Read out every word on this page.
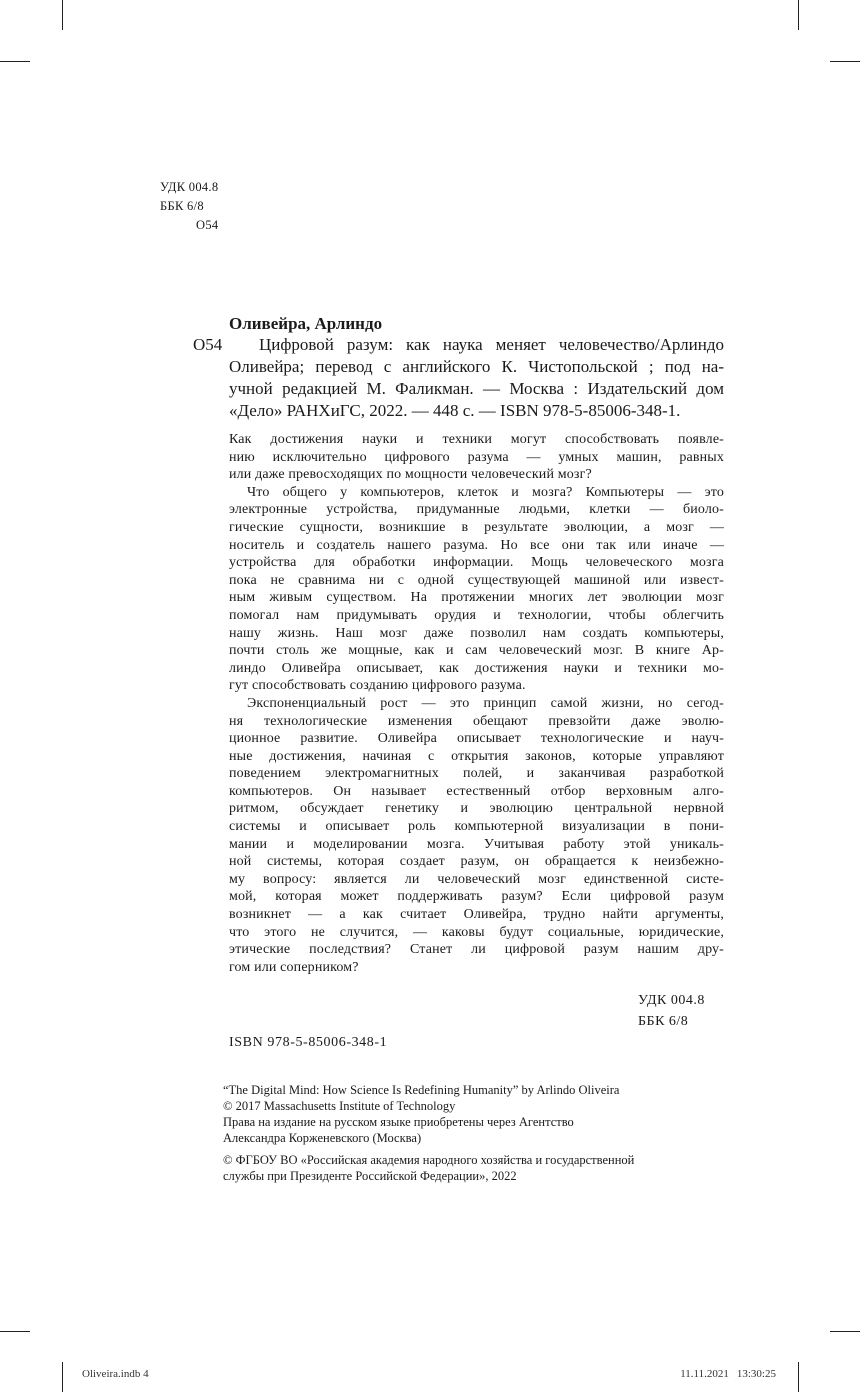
УДК 004.8
ББК 6/8
О54
Оливейра, Арлиндо
О54	Цифровой разум: как наука меняет человечество/Арлиндо
Оливейра; перевод с английского К. Чистопольской ; под на-
учной редакцией М. Фаликман. — Москва : Издательский дом
«Дело» РАНХиГС, 2022. — 448 с. — ISBN 978-5-85006-348-1.
Как достижения науки и техники могут способствовать появле-
нию исключительно цифрового разума — умных машин, равных
или даже превосходящих по мощности человеческий мозг?
Что общего у компьютеров, клеток и мозга? Компьютеры — это
электронные устройства, придуманные людьми, клетки — биоло-
гические сущности, возникшие в результате эволюции, а мозг —
носитель и создатель нашего разума. Но все они так или иначе —
устройства для обработки информации. Мощь человеческого мозга
пока не сравнима ни с одной существующей машиной или извест-
ным живым существом. На протяжении многих лет эволюции мозг
помогал нам придумывать орудия и технологии, чтобы облегчить
нашу жизнь. Наш мозг даже позволил нам создать компьютеры,
почти столь же мощные, как и сам человеческий мозг. В книге Ар-
линдо Оливейра описывает, как достижения науки и техники мо-
гут способствовать созданию цифрового разума.
Экспоненциальный рост — это принцип самой жизни, но сегод-
ня технологические изменения обещают превзойти даже эволю-
ционное развитие. Оливейра описывает технологические и науч-
ные достижения, начиная с открытия законов, которые управляют
поведением электромагнитных полей, и заканчивая разработкой
компьютеров. Он называет естественный отбор верховным алго-
ритмом, обсуждает генетику и эволюцию центральной нервной
системы и описывает роль компьютерной визуализации в пони-
мании и моделировании мозга. Учитывая работу этой уникаль-
ной системы, которая создает разум, он обращается к неизбежно-
му вопросу: является ли человеческий мозг единственной систе-
мой, которая может поддерживать разум? Если цифровой разум
возникнет — а как считает Оливейра, трудно найти аргументы,
что этого не случится, — каковы будут социальные, юридические,
этические последствия? Станет ли цифровой разум нашим дру-
гом или соперником?
УДК 004.8
ББК 6/8
ISBN 978-5-85006-348-1
“The Digital Mind: How Science Is Redefining Humanity” by Arlindo Oliveira
© 2017 Massachusetts Institute of Technology
Права на издание на русском языке приобретены через Агентство
Александра Корженевского (Москва)
© ФГБОУ ВО «Российская академия народного хозяйства и государственной
службы при Президенте Российской Федерации», 2022
Oliveira.indb 4	11.11.2021 13:30:25
